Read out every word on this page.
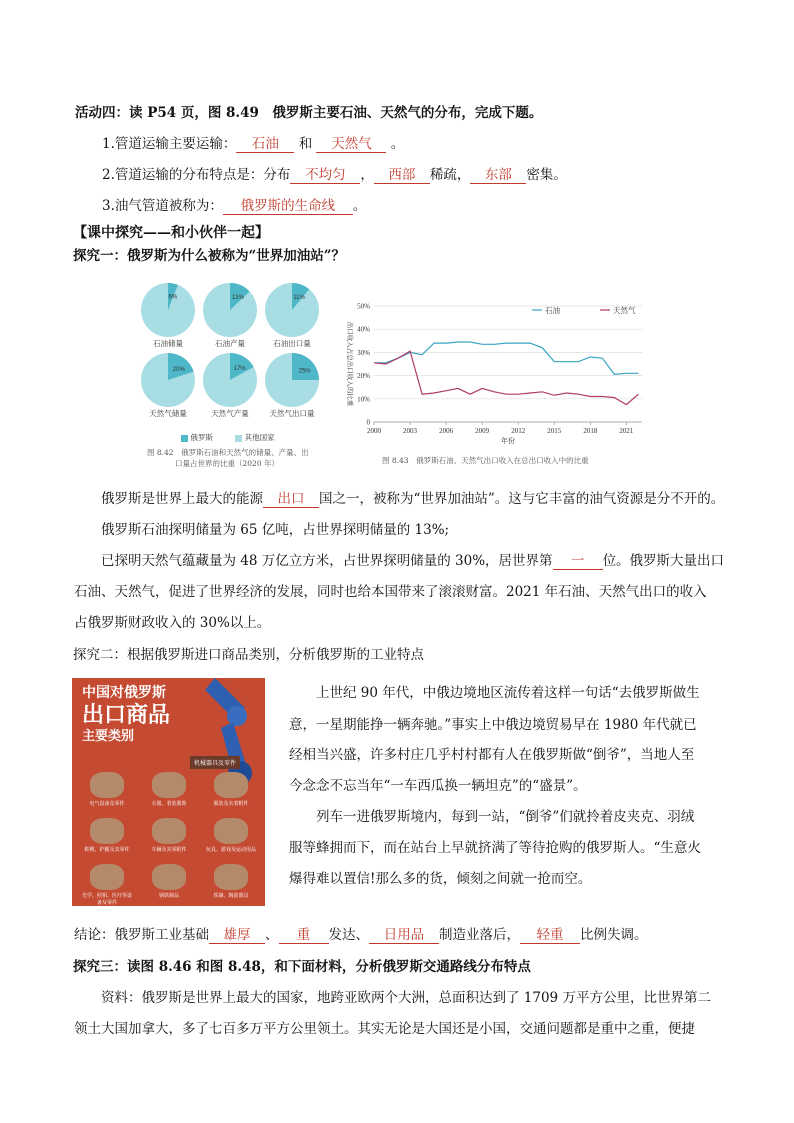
活动四：读 P54 页，图 8.49　俄罗斯主要石油、天然气的分布，完成下题。
1.管道运输主要运输： 石油 和 天然气 。
2.管道运输的分布特点是：分布 不均匀 ， 西部 稀疏， 东部 密集。
3.油气管道被称为： 俄罗斯的生命线 。
【课中探究——和小伙伴一起】
探究一：俄罗斯为什么被称为“世界加油站”？
6%
石油储量
13%
石油产量
11%
石油出口量
20%
天然气储量
17%
天然气产量
25%
天然气出口量
俄罗斯	其他国家
图 8.42　俄罗斯石油和天然气的储量、产量、出
口量占世界的比重（2020 年）
0
10%
20%
30%
40%
50%
2000	2003	2006	2009	2012	2015	2018	2021
年份
出口收入占总出口收入的比重
石油	天然气
图 8.43　俄罗斯石油、天然气出口收入在总出口收入中的比重
俄罗斯是世界上最大的能源 出口 国之一，被称为“世界加油站”。这与它丰富的油气资源是分不开的。
俄罗斯石油探明储量为 65 亿吨，占世界探明储量的 13%;
已探明天然气蕴藏量为 48 万亿立方米，占世界探明储量的 30%，居世界第 一 位。俄罗斯大量出口
石油、天然气，促进了世界经济的发展，同时也给本国带来了滚滚财富。2021 年石油、天然气出口的收入
占俄罗斯财政收入的 30%以上。
探究二：根据俄罗斯进口商品类别，分析俄罗斯的工业特点
中国对俄罗斯
出口商品
主要类别
机械器具及零件
电气设备及零件	衣服、着装服饰	服装及衣着附件
鞋靴、护腿及其零件	车辆及其零附件	玩具、游戏及运动用品
光学、照相、医疗等设备及零件
钢铁制品	铁制、陶瓷器具
上世纪 90 年代，中俄边境地区流传着这样一句话“去俄罗斯做生
意，一星期能挣一辆奔驰。”事实上中俄边境贸易早在 1980 年代就已
经相当兴盛，许多村庄几乎村村都有人在俄罗斯做“倒爷”，当地人至
今念念不忘当年“一车西瓜换一辆坦克”的“盛景”。
列车一进俄罗斯境内，每到一站，“倒爷”们就拎着皮夹克、羽绒
服等蜂拥而下，而在站台上早就挤满了等待抢购的俄罗斯人。“生意火
爆得难以置信!那么多的货，倾刻之间就一抢而空。
结论：俄罗斯工业基础 雄厚 、 重 发达、 日用品 制造业落后， 轻重 比例失调。
探究三：读图 8.46 和图 8.48，和下面材料，分析俄罗斯交通路线分布特点
资料：俄罗斯是世界上最大的国家，地跨亚欧两个大洲，总面积达到了 1709 万平方公里，比世界第二
领土大国加拿大，多了七百多万平方公里领土。其实无论是大国还是小国，交通问题都是重中之重，便捷
